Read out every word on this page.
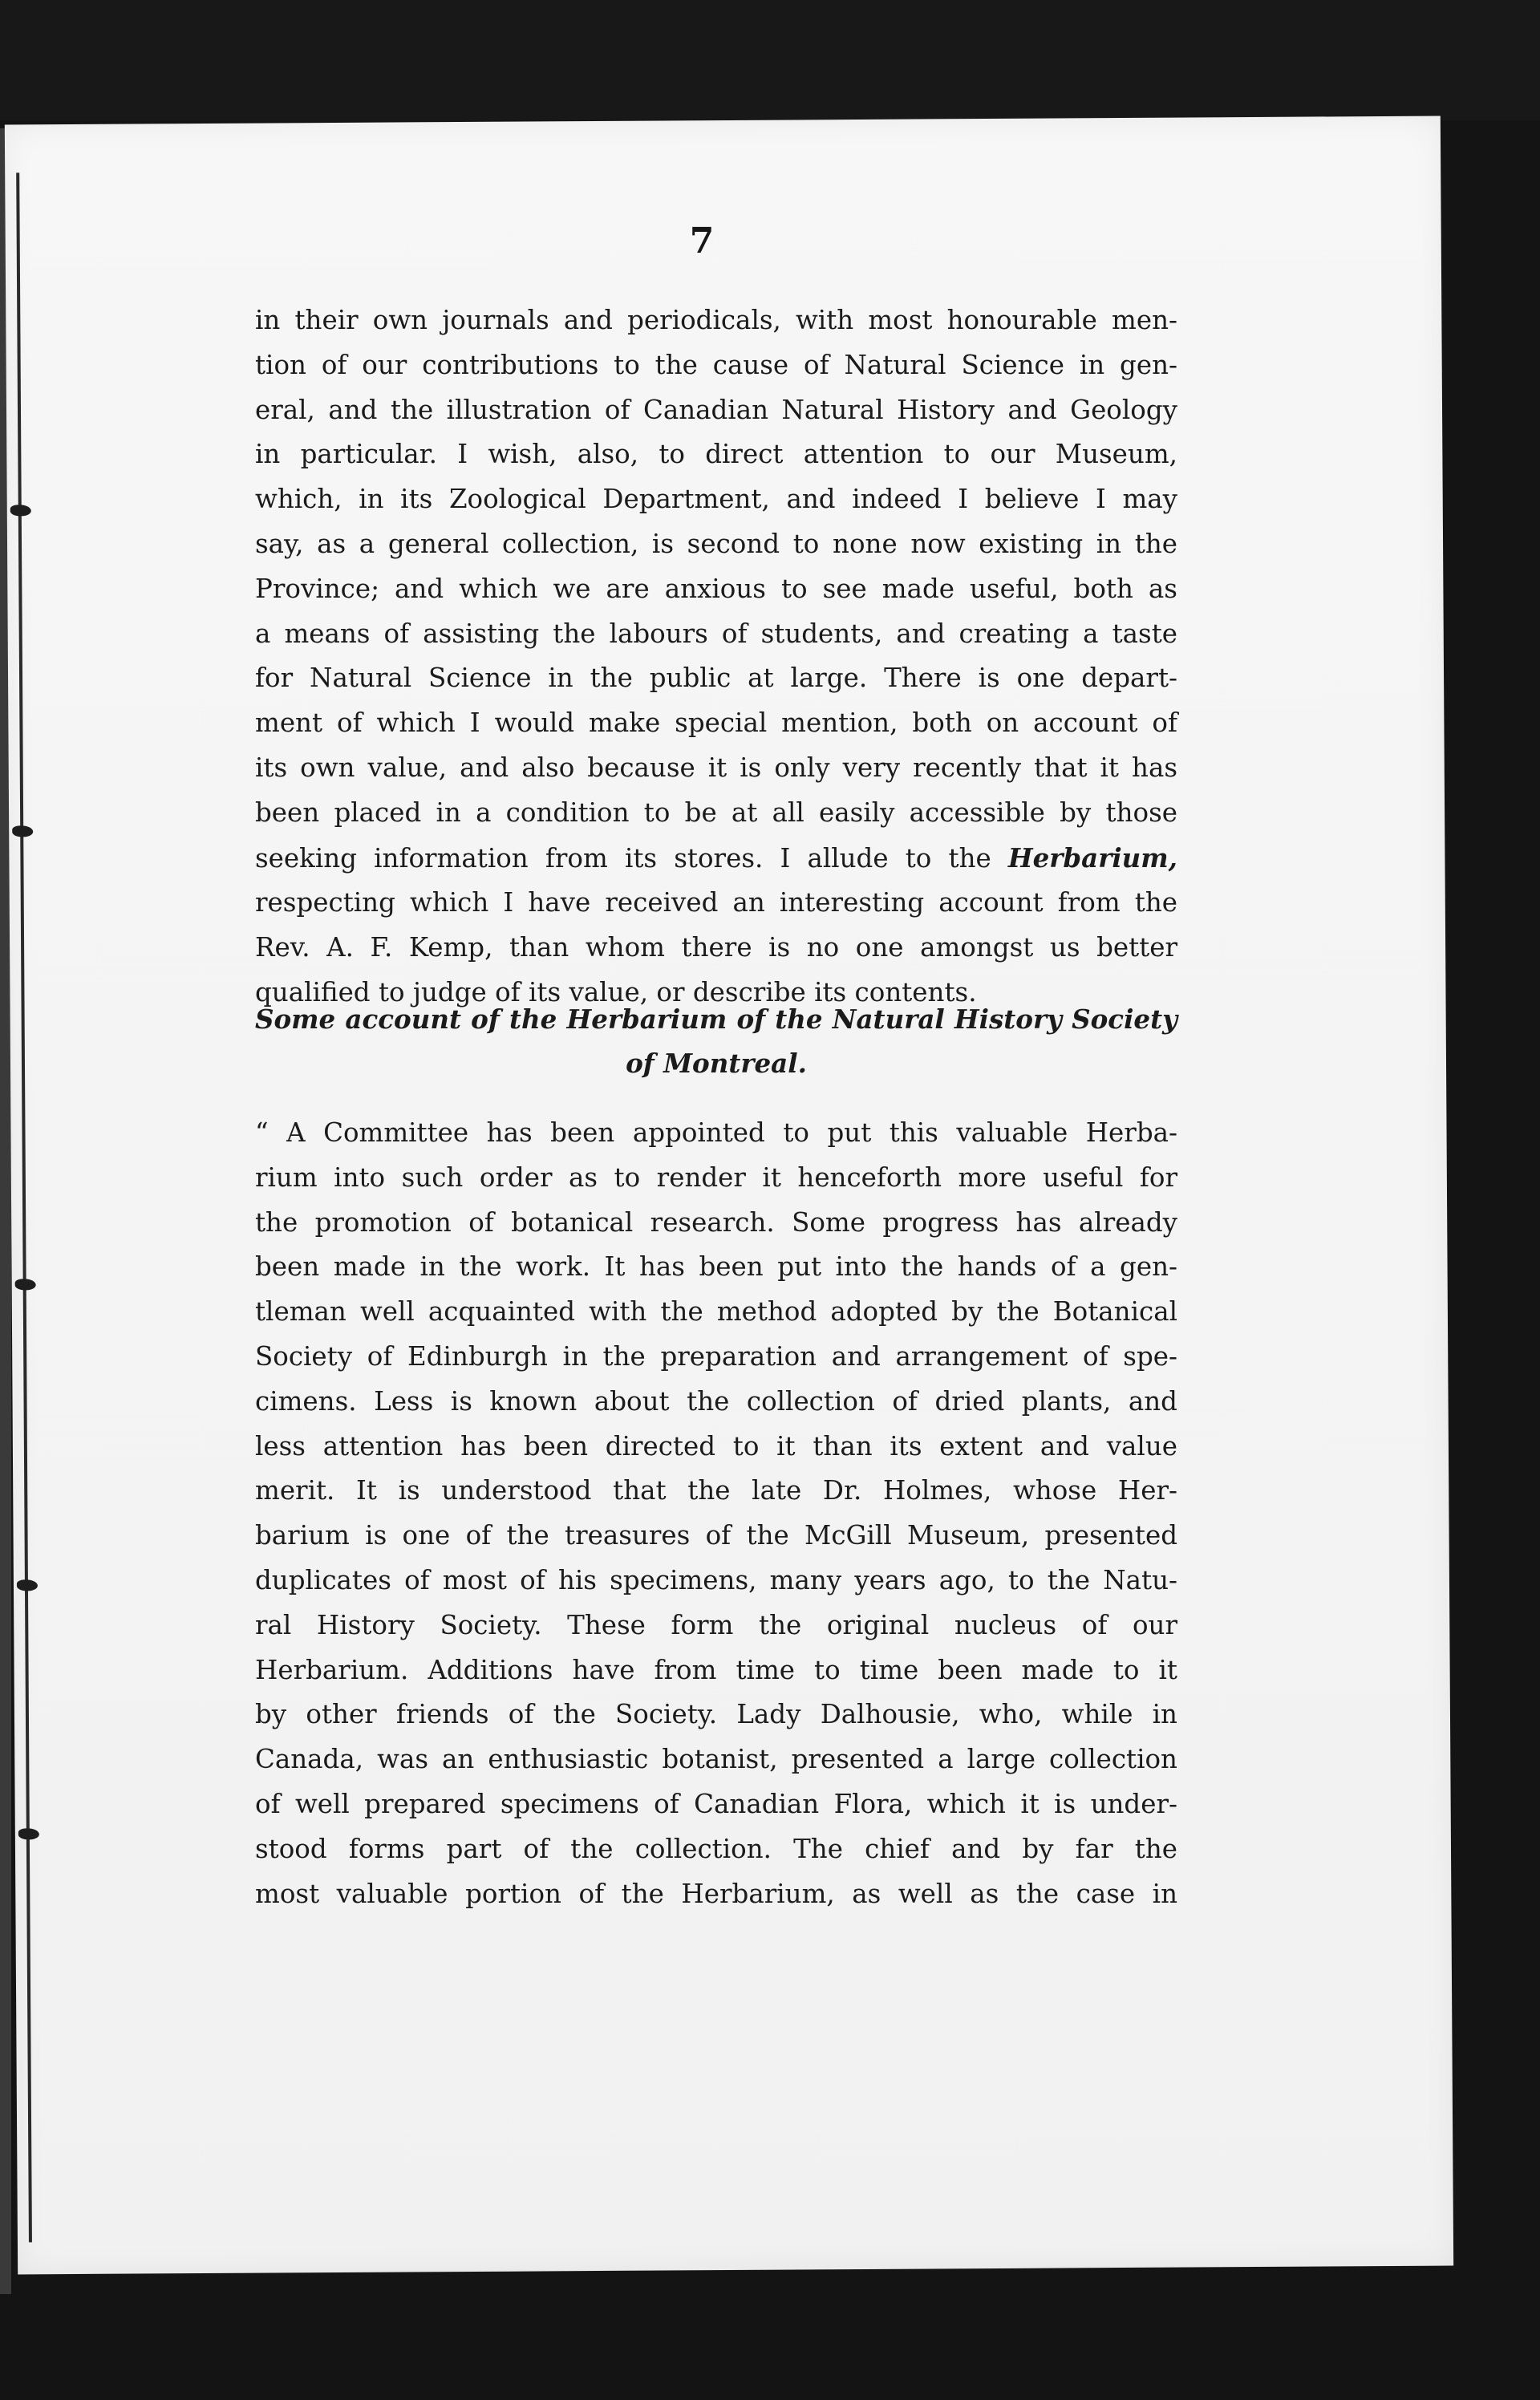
7
in their own journals and periodicals, with most honourable men-
tion of our contributions to the cause of Natural Science in gen-
eral, and the illustration of Canadian Natural History and Geology
in particular. I wish, also, to direct attention to our Museum,
which, in its Zoological Department, and indeed I believe I may
say, as a general collection, is second to none now existing in the
Province; and which we are anxious to see made useful, both as
a means of assisting the labours of students, and creating a taste
for Natural Science in the public at large. There is one depart-
ment of which I would make special mention, both on account of
its own value, and also because it is only very recently that it has
been placed in a condition to be at all easily accessible by those
seeking information from its stores. I allude to the Herbarium,
respecting which I have received an interesting account from the
Rev. A. F. Kemp, than whom there is no one amongst us better
qualified to judge of its value, or describe its contents.
Some account of the Herbarium of the Natural History Society
of Montreal.
“ A Committee has been appointed to put this valuable Herba-
rium into such order as to render it henceforth more useful for
the promotion of botanical research. Some progress has already
been made in the work. It has been put into the hands of a gen-
tleman well acquainted with the method adopted by the Botanical
Society of Edinburgh in the preparation and arrangement of spe-
cimens. Less is known about the collection of dried plants, and
less attention has been directed to it than its extent and value
merit. It is understood that the late Dr. Holmes, whose Her-
barium is one of the treasures of the McGill Museum, presented
duplicates of most of his specimens, many years ago, to the Natu-
ral History Society. These form the original nucleus of our
Herbarium. Additions have from time to time been made to it
by other friends of the Society. Lady Dalhousie, who, while in
Canada, was an enthusiastic botanist, presented a large collection
of well prepared specimens of Canadian Flora, which it is under-
stood forms part of the collection. The chief and by far the
most valuable portion of the Herbarium, as well as the case in
